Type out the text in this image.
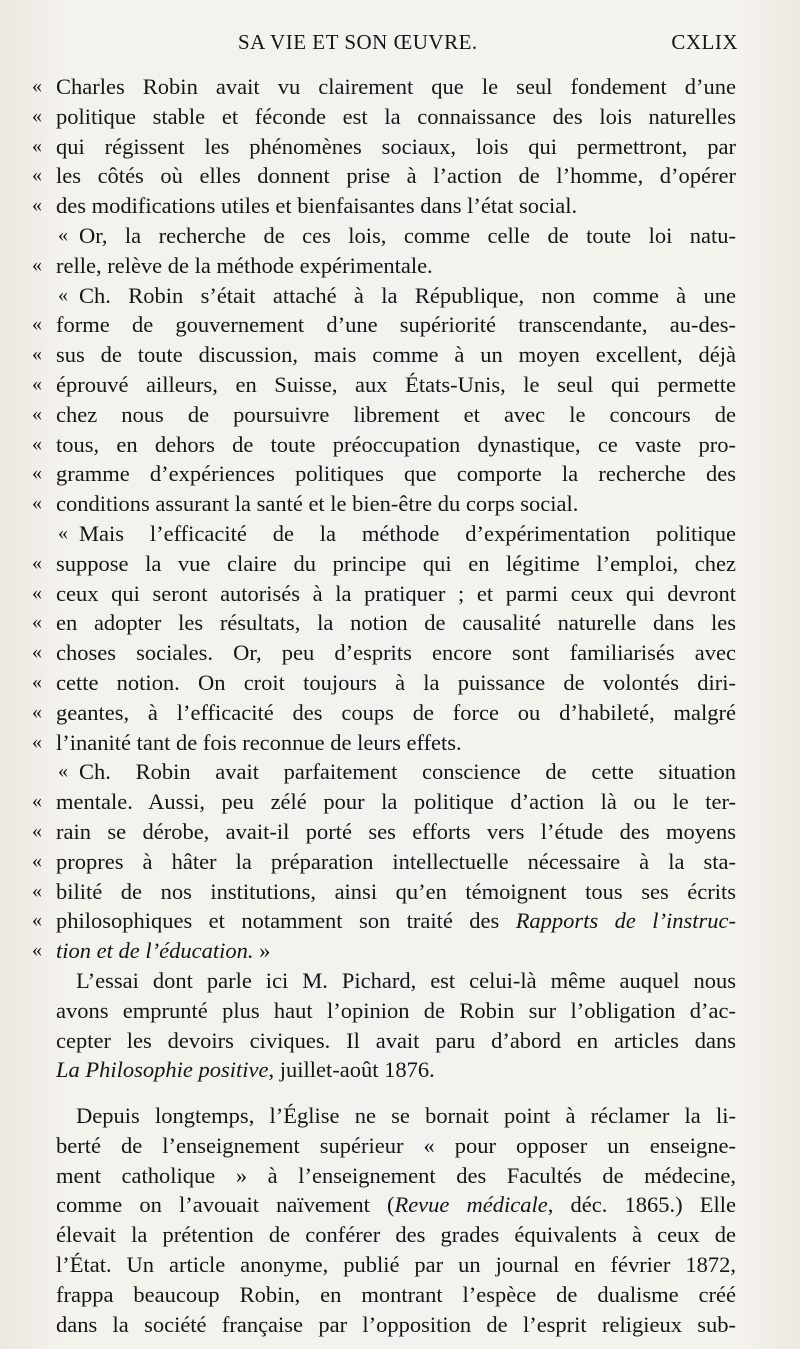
SA VIE ET SON ŒUVRE.	CXLIX
« Charles Robin avait vu clairement que le seul fondement d’une
« politique stable et féconde est la connaissance des lois naturelles
« qui régissent les phénomènes sociaux, lois qui permettront, par
« les côtés où elles donnent prise à l’action de l’homme, d’opérer
« des modifications utiles et bienfaisantes dans l’état social.
« Or, la recherche de ces lois, comme celle de toute loi natu-
« relle, relève de la méthode expérimentale.
« Ch. Robin s’était attaché à la République, non comme à une
« forme de gouvernement d’une supériorité transcendante, au-des-
« sus de toute discussion, mais comme à un moyen excellent, déjà
« éprouvé ailleurs, en Suisse, aux États-Unis, le seul qui permette
« chez nous de poursuivre librement et avec le concours de
« tous, en dehors de toute préoccupation dynastique, ce vaste pro-
« gramme d’expériences politiques que comporte la recherche des
« conditions assurant la santé et le bien-être du corps social.
« Mais l’efficacité de la méthode d’expérimentation politique
« suppose la vue claire du principe qui en légitime l’emploi, chez
« ceux qui seront autorisés à la pratiquer ; et parmi ceux qui devront
« en adopter les résultats, la notion de causalité naturelle dans les
« choses sociales. Or, peu d’esprits encore sont familiarisés avec
« cette notion. On croit toujours à la puissance de volontés diri-
« geantes, à l’efficacité des coups de force ou d’habileté, malgré
« l’inanité tant de fois reconnue de leurs effets.
« Ch. Robin avait parfaitement conscience de cette situation
« mentale. Aussi, peu zélé pour la politique d’action là ou le ter-
« rain se dérobe, avait-il porté ses efforts vers l’étude des moyens
« propres à hâter la préparation intellectuelle nécessaire à la sta-
« bilité de nos institutions, ainsi qu’en témoignent tous ses écrits
« philosophiques et notamment son traité des Rapports de l’instruc-
« tion et de l’éducation. »
L’essai dont parle ici M. Pichard, est celui-là même auquel nous
avons emprunté plus haut l’opinion de Robin sur l’obligation d’ac-
cepter les devoirs civiques. Il avait paru d’abord en articles dans
La Philosophie positive, juillet-août 1876.
Depuis longtemps, l’Église ne se bornait point à réclamer la li-
berté de l’enseignement supérieur « pour opposer un enseigne-
ment catholique » à l’enseignement des Facultés de médecine,
comme on l’avouait naïvement (Revue médicale, déc. 1865.) Elle
élevait la prétention de conférer des grades équivalents à ceux de
l’État. Un article anonyme, publié par un journal en février 1872,
frappa beaucoup Robin, en montrant l’espèce de dualisme créé
dans la société française par l’opposition de l’esprit religieux sub-
